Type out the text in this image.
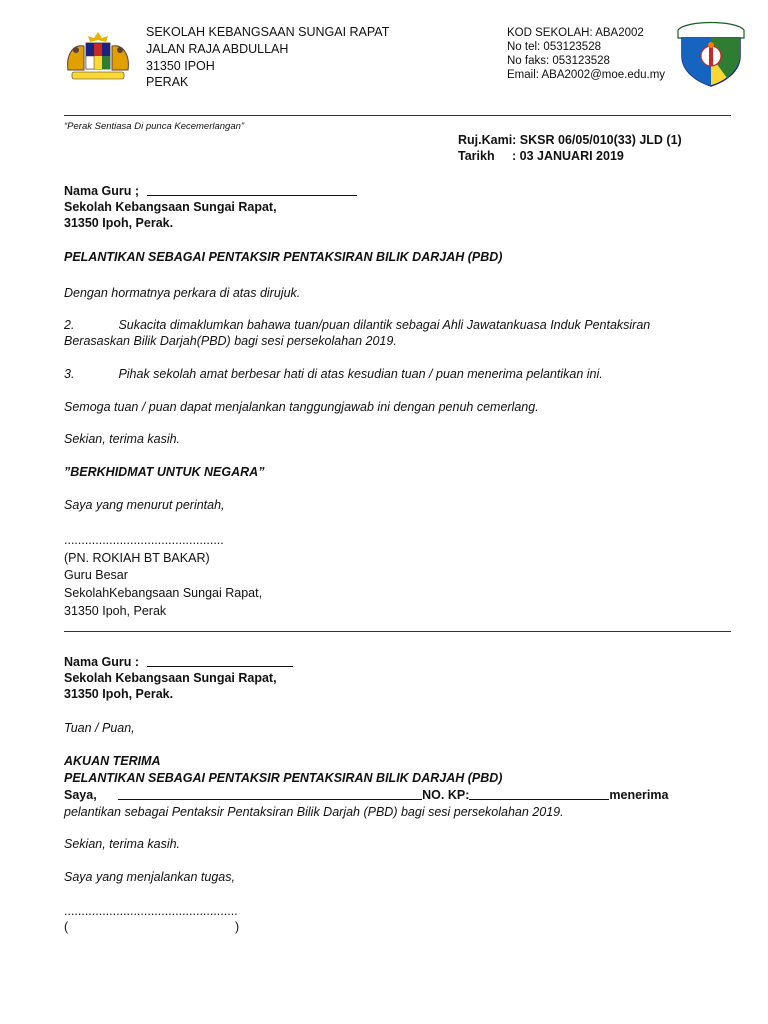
SEKOLAH KEBANGSAAN SUNGAI RAPAT
JALAN RAJA ABDULLAH
31350 IPOH
PERAK
KOD SEKOLAH: ABA2002
No tel: 053123528
No faks: 053123528
Email: ABA2002@moe.edu.my
“Perak Sentiasa Di punca Kecemerlangan”
Ruj.Kami: SKSR 06/05/010(33) JLD (1)
Tarikh : 03 JANUARI 2019
Nama Guru ;
Sekolah Kebangsaan Sungai Rapat,
31350 Ipoh, Perak.
PELANTIKAN SEBAGAI PENTAKSIR PENTAKSIRAN BILIK DARJAH (PBD)
Dengan hormatnya perkara di atas dirujuk.
2.	Sukacita dimaklumkan bahawa tuan/puan dilantik sebagai Ahli Jawatankuasa Induk Pentaksiran
Berasaskan Bilik Darjah(PBD) bagi sesi persekolahan 2019.
3.	Pihak sekolah amat berbesar hati di atas kesudian tuan / puan menerima pelantikan ini.
Semoga tuan / puan dapat menjalankan tanggungjawab ini dengan penuh cemerlang.
Sekian, terima kasih.
”BERKHIDMAT UNTUK NEGARA”
Saya yang menurut perintah,
..............................................
(PN. ROKIAH BT BAKAR)
Guru Besar
SekolahKebangsaan Sungai Rapat,
31350 Ipoh, Perak
Nama Guru :
Sekolah Kebangsaan Sungai Rapat,
31350 Ipoh, Perak.
Tuan / Puan,
AKUAN TERIMA
PELANTIKAN SEBAGAI PENTAKSIR PENTAKSIRAN BILIK DARJAH (PBD)
Saya,	NO. KP:	menerima
pelantikan sebagai Pentaksir Pentaksiran Bilik Darjah (PBD) bagi sesi persekolahan 2019.
Sekian, terima kasih.
Saya yang menjalankan tugas,
..................................................
(	)
